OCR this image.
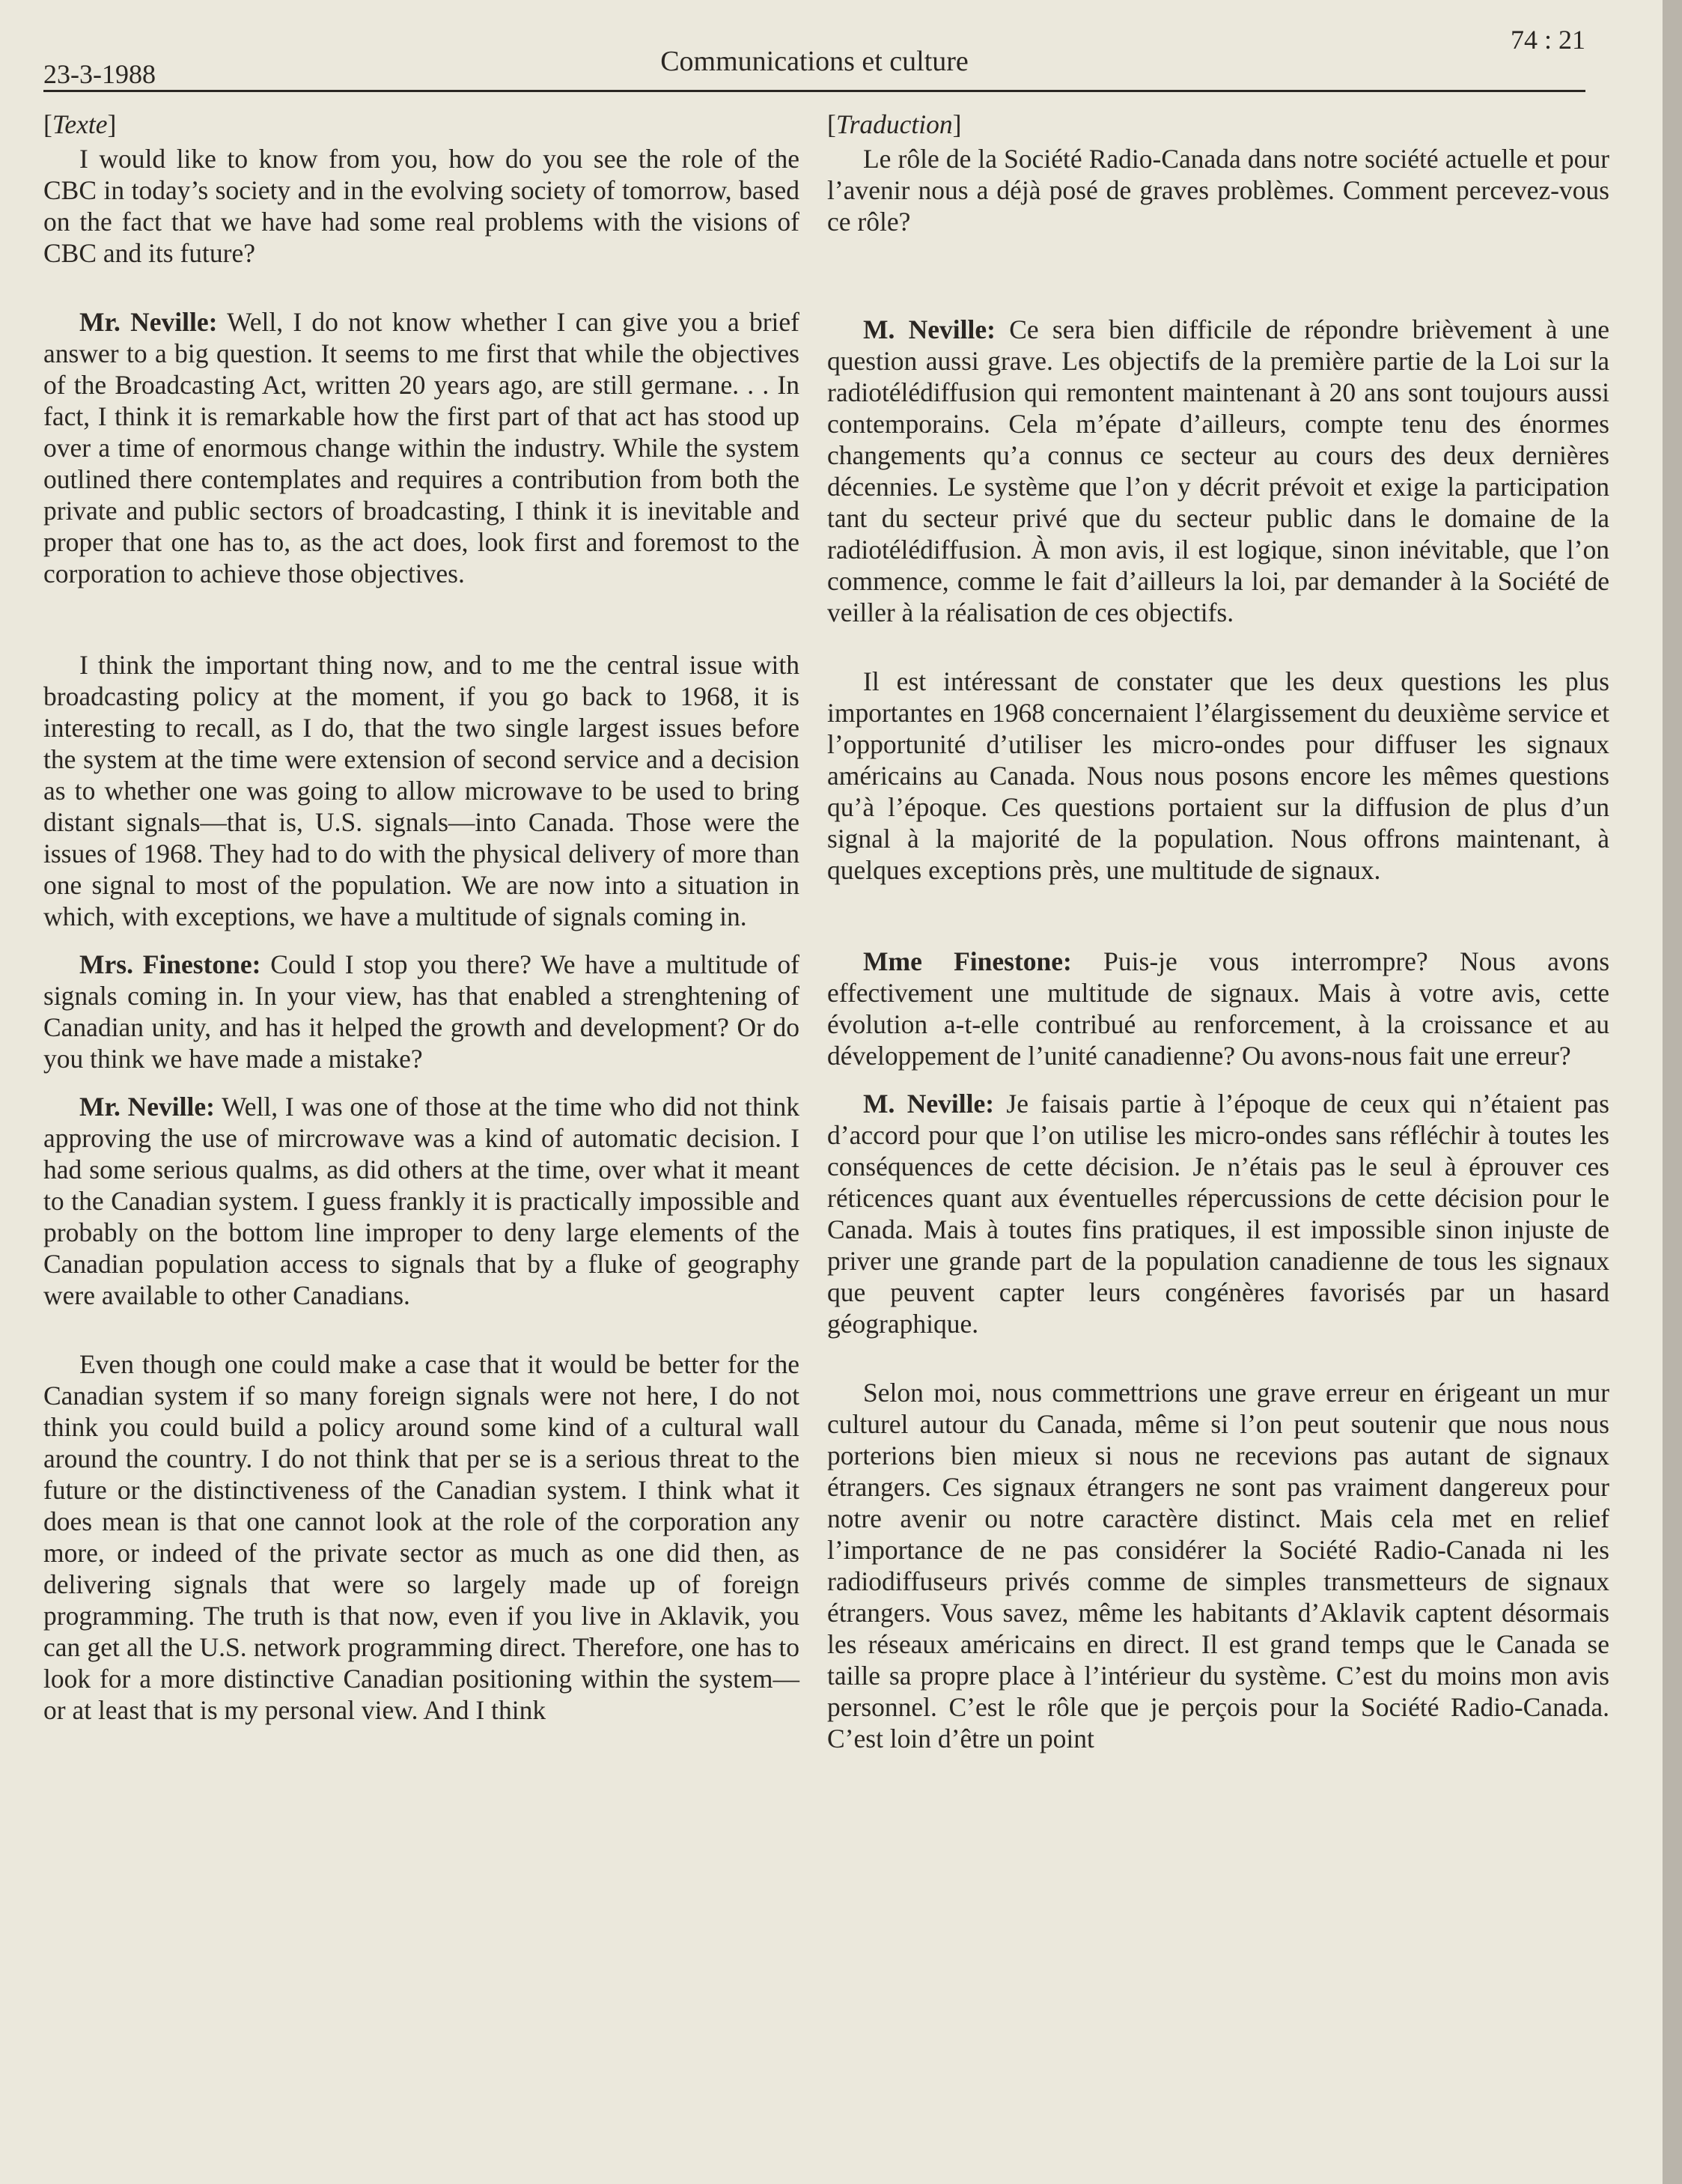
23-3-1988	Communications et culture
74 : 21
[Texte]

I would like to know from you, how do you see the role of the CBC in today’s society and in the evolving society of tomorrow, based on the fact that we have had some real problems with the visions of CBC and its future?

Mr. Neville: Well, I do not know whether I can give you a brief answer to a big question. It seems to me first that while the objectives of the Broadcasting Act, written 20 years ago, are still germane. . . In fact, I think it is remarkable how the first part of that act has stood up over a time of enormous change within the industry. While the system outlined there contemplates and requires a contribution from both the private and public sectors of broadcasting, I think it is inevitable and proper that one has to, as the act does, look first and foremost to the corporation to achieve those objectives.

I think the important thing now, and to me the central issue with broadcasting policy at the moment, if you go back to 1968, it is interesting to recall, as I do, that the two single largest issues before the system at the time were extension of second service and a decision as to whether one was going to allow microwave to be used to bring distant signals—that is, U.S. signals—into Canada. Those were the issues of 1968. They had to do with the physical delivery of more than one signal to most of the population. We are now into a situation in which, with exceptions, we have a multitude of signals coming in.

Mrs. Finestone: Could I stop you there? We have a multitude of signals coming in. In your view, has that enabled a strenghtening of Canadian unity, and has it helped the growth and development? Or do you think we have made a mistake?

Mr. Neville: Well, I was one of those at the time who did not think approving the use of mircrowave was a kind of automatic decision. I had some serious qualms, as did others at the time, over what it meant to the Canadian system. I guess frankly it is practically impossible and probably on the bottom line improper to deny large elements of the Canadian population access to signals that by a fluke of geography were available to other Canadians.

Even though one could make a case that it would be better for the Canadian system if so many foreign signals were not here, I do not think you could build a policy around some kind of a cultural wall around the country. I do not think that per se is a serious threat to the future or the distinctiveness of the Canadian system. I think what it does mean is that one cannot look at the role of the corporation any more, or indeed of the private sector as much as one did then, as delivering signals that were so largely made up of foreign programming. The truth is that now, even if you live in Aklavik, you can get all the U.S. network programming direct. Therefore, one has to look for a more distinctive Canadian positioning within the system—or at least that is my personal view. And I think

[Traduction]

Le rôle de la Société Radio-Canada dans notre société actuelle et pour l’avenir nous a déjà posé de graves problèmes. Comment percevez-vous ce rôle?

M. Neville: Ce sera bien difficile de répondre brièvement à une question aussi grave. Les objectifs de la première partie de la Loi sur la radiotélédiffusion qui remontent maintenant à 20 ans sont toujours aussi contemporains. Cela m’épate d’ailleurs, compte tenu des énormes changements qu’a connus ce secteur au cours des deux dernières décennies. Le système que l’on y décrit prévoit et exige la participation tant du secteur privé que du secteur public dans le domaine de la radiotélédiffusion. À mon avis, il est logique, sinon inévitable, que l’on commence, comme le fait d’ailleurs la loi, par demander à la Société de veiller à la réalisation de ces objectifs.

Il est intéressant de constater que les deux questions les plus importantes en 1968 concernaient l’élargissement du deuxième service et l’opportunité d’utiliser les micro-ondes pour diffuser les signaux américains au Canada. Nous nous posons encore les mêmes questions qu’à l’époque. Ces questions portaient sur la diffusion de plus d’un signal à la majorité de la population. Nous offrons maintenant, à quelques exceptions près, une multitude de signaux.

Mme Finestone: Puis-je vous interrompre? Nous avons effectivement une multitude de signaux. Mais à votre avis, cette évolution a-t-elle contribué au renforcement, à la croissance et au développement de l’unité canadienne? Ou avons-nous fait une erreur?

M. Neville: Je faisais partie à l’époque de ceux qui n’étaient pas d’accord pour que l’on utilise les micro-ondes sans réfléchir à toutes les conséquences de cette décision. Je n’étais pas le seul à éprouver ces réticences quant aux éventuelles répercussions de cette décision pour le Canada. Mais à toutes fins pratiques, il est impossible sinon injuste de priver une grande part de la population canadienne de tous les signaux que peuvent capter leurs congénères favorisés par un hasard géographique.

Selon moi, nous commettrions une grave erreur en érigeant un mur culturel autour du Canada, même si l’on peut soutenir que nous nous porterions bien mieux si nous ne recevions pas autant de signaux étrangers. Ces signaux étrangers ne sont pas vraiment dangereux pour notre avenir ou notre caractère distinct. Mais cela met en relief l’importance de ne pas considérer la Société Radio-Canada ni les radiodiffuseurs privés comme de simples transmetteurs de signaux étrangers. Vous savez, même les habitants d’Aklavik captent désormais les réseaux américains en direct. Il est grand temps que le Canada se taille sa propre place à l’intérieur du système. C’est du moins mon avis personnel. C’est le rôle que je perçois pour la Société Radio-Canada. C’est loin d’être un point
